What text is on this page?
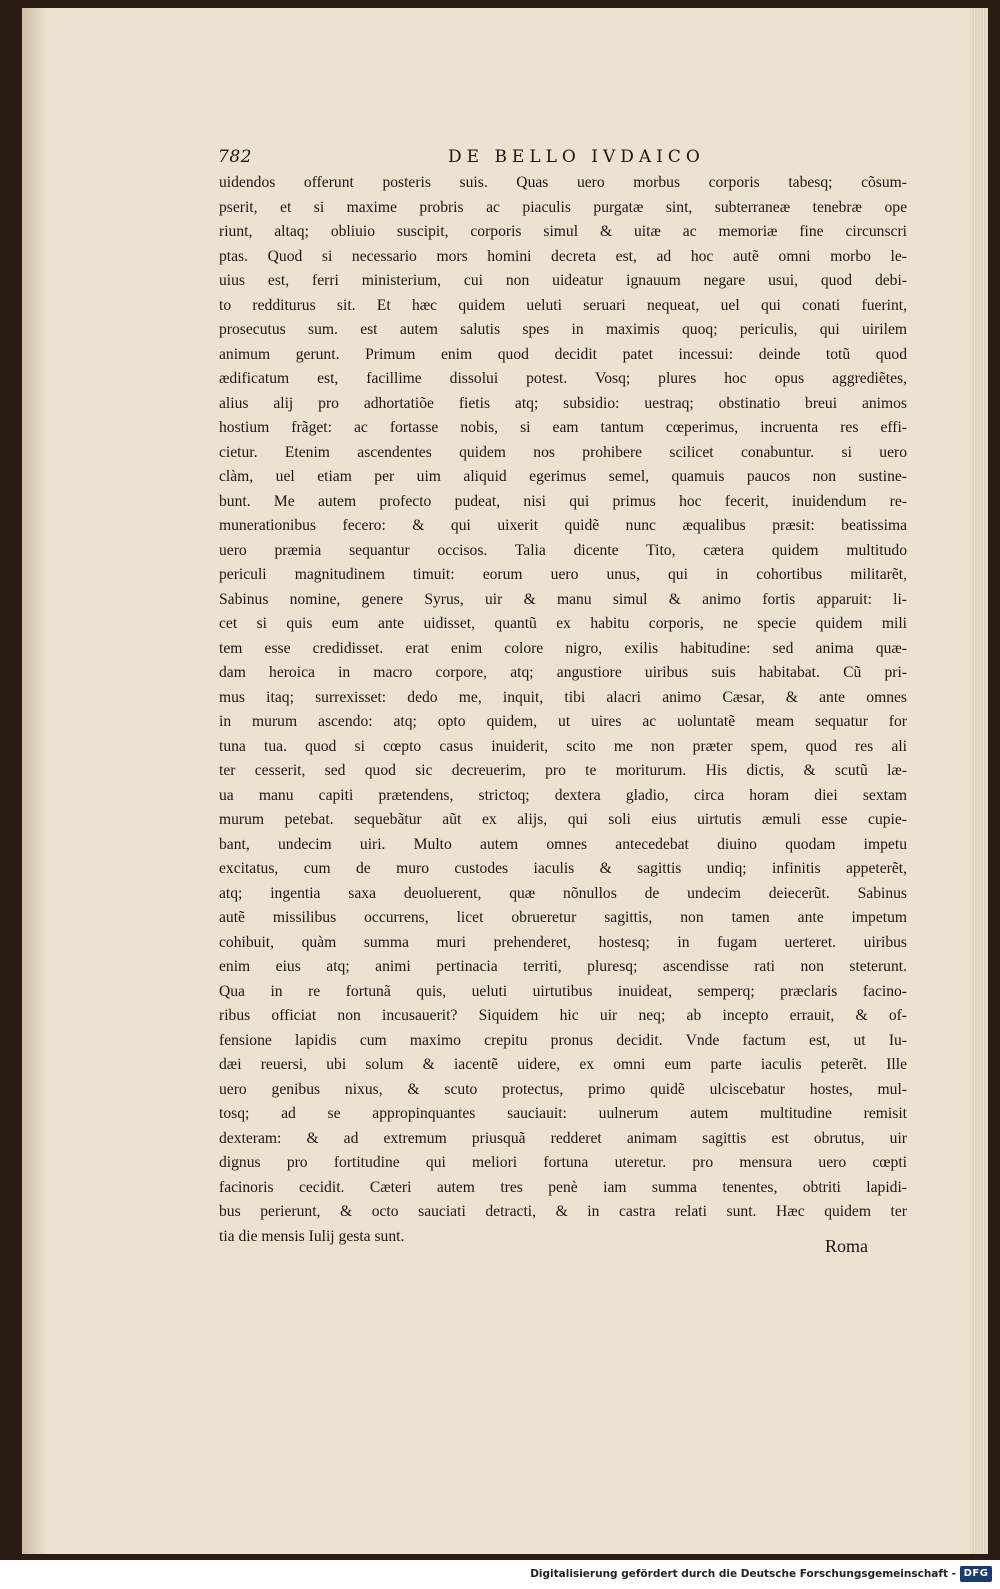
782	DE BELLO IVDAICO
uidendos offerunt posteris suis. Quas uero morbus corporis tabesq; cõsum-
pserit, et si maxime probris ac piaculis purgatæ sint, subterraneæ tenebræ ope
riunt, altaq; obliuio suscipit, corporis simul & uitæ ac memoriæ fine circunscri
ptas. Quod si necessario mors homini decreta est, ad hoc autẽ omni morbo le-
uius est, ferri ministerium, cui non uideatur ignauum negare usui, quod debi-
to redditurus sit. Et hæc quidem ueluti seruari nequeat, uel qui conati fuerint,
prosecutus sum. est autem salutis spes in maximis quoq; periculis, qui uirilem
animum gerunt. Primum enim quod decidit patet incessui: deinde totũ quod
ædificatum est, facillime dissolui potest. Vosq; plures hoc opus aggrediẽtes,
alius alij pro adhortatiõe fietis atq; subsidio: uestraq; obstinatio breui animos
hostium frãget: ac fortasse nobis, si eam tantum cœperimus, incruenta res effi-
cietur. Etenim ascendentes quidem nos prohibere scilicet conabuntur. si uero
clàm, uel etiam per uim aliquid egerimus semel, quamuis paucos non sustine-
bunt. Me autem profecto pudeat, nisi qui primus hoc fecerit, inuidendum re-
munerationibus fecero: & qui uixerit quidẽ nunc æqualibus præsit: beatissima
uero præmia sequantur occisos. Talia dicente Tito, cætera quidem multitudo
periculi magnitudinem timuit: eorum uero unus, qui in cohortibus militarẽt,
Sabinus nomine, genere Syrus, uir & manu simul & animo fortis apparuit: li-
cet si quis eum ante uidisset, quantũ ex habitu corporis, ne specie quidem mili
tem esse credidisset. erat enim colore nigro, exilis habitudine: sed anima quæ-
dam heroica in macro corpore, atq; angustiore uiribus suis habitabat. Cũ pri-
mus itaq; surrexisset: dedo me, inquit, tibi alacri animo Cæsar, & ante omnes
in murum ascendo: atq; opto quidem, ut uires ac uoluntatẽ meam sequatur for
tuna tua. quod si cœpto casus inuiderit, scito me non præter spem, quod res ali
ter cesserit, sed quod sic decreuerim, pro te moriturum. His dictis, & scutũ læ-
ua manu capiti prætendens, strictoq; dextera gladio, circa horam diei sextam
murum petebat. sequebãtur aũt ex alijs, qui soli eius uirtutis æmuli esse cupie-
bant, undecim uiri. Multo autem omnes antecedebat diuino quodam impetu
excitatus, cum de muro custodes iaculis & sagittis undiq; infinitis appeterẽt,
atq; ingentia saxa deuoluerent, quæ nõnullos de undecim deiecerũt. Sabinus
autẽ missilibus occurrens, licet obrueretur sagittis, non tamen ante impetum
cohibuit, quàm summa muri prehenderet, hostesq; in fugam uerteret. uiribus
enim eius atq; animi pertinacia territi, pluresq; ascendisse rati non steterunt.
Qua in re fortunã quis, ueluti uirtutibus inuideat, semperq; præclaris facino-
ribus officiat non incusauerit? Siquidem hic uir neq; ab incepto errauit, & of-
fensione lapidis cum maximo crepitu pronus decidit. Vnde factum est, ut Iu-
dæi reuersi, ubi solum & iacentẽ uidere, ex omni eum parte iaculis peterẽt. Ille
uero genibus nixus, & scuto protectus, primo quidẽ ulciscebatur hostes, mul-
tosq; ad se appropinquantes sauciauit: uulnerum autem multitudine remisit
dexteram: & ad extremum priusquã redderet animam sagittis est obrutus, uir
dignus pro fortitudine qui meliori fortuna uteretur. pro mensura uero cœpti
facinoris cecidit. Cæteri autem tres penè iam summa tenentes, obtriti lapidi-
bus perierunt, & octo sauciati detracti, & in castra relati sunt. Hæc quidem ter
tia die mensis Iulij gesta sunt.	Roma
Digitalisierung gefördert durch die Deutsche Forschungsgemeinschaft - DFG
